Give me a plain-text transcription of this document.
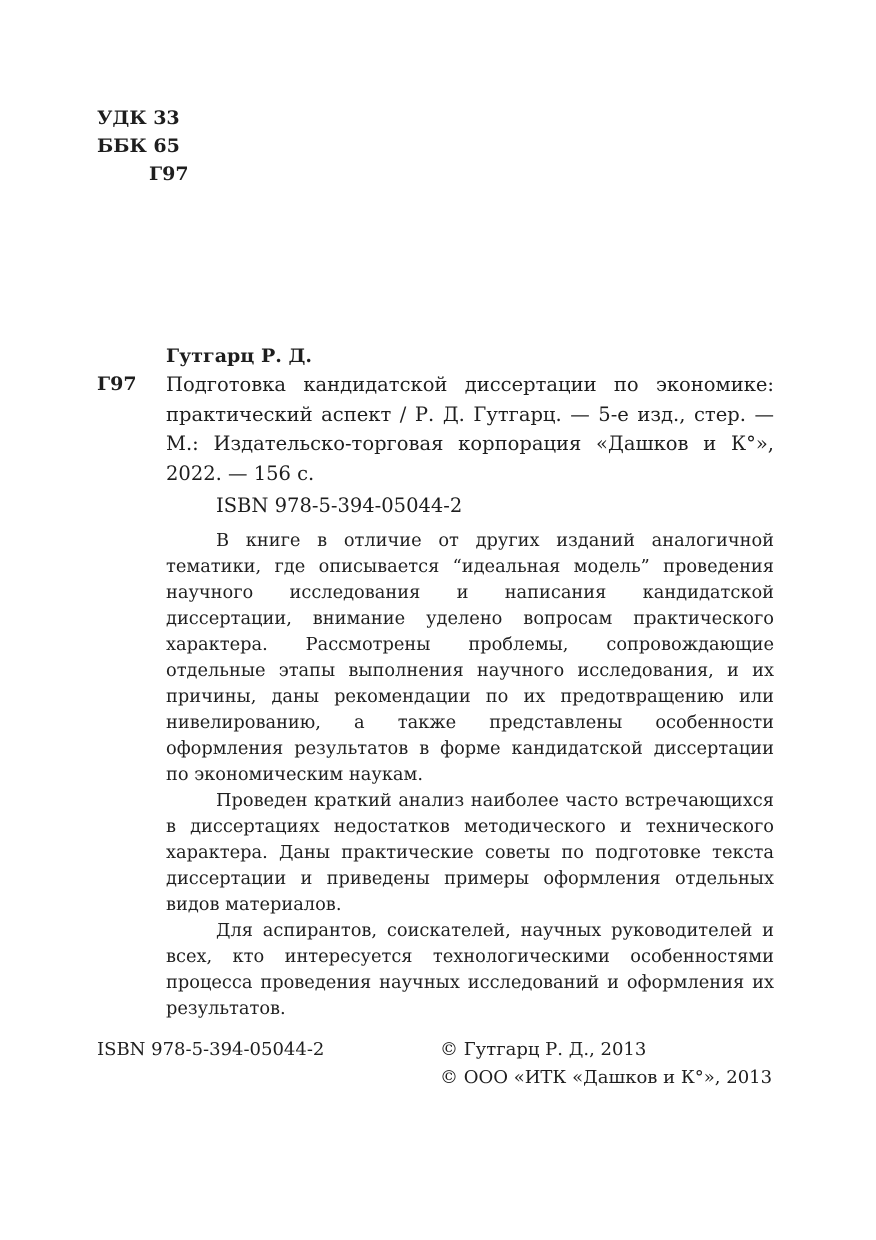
УДК 33
ББК 65
Г97
Гутгарц Р. Д.
Г97 Подготовка кандидатской диссертации по экономике: практический аспект / Р. Д. Гутгарц. — 5-е изд., стер. — М.: Издательско-торговая корпорация «Дашков и К°», 2022. — 156 с.

ISBN 978-5-394-05044-2

В книге в отличие от других изданий аналогичной тематики, где описывается “идеальная модель” проведения научного исследования и написания кандидатской диссертации, внимание уделено вопросам практического характера. Рассмотрены проблемы, сопровождающие отдельные этапы выполнения научного исследования, и их причины, даны рекомендации по их предотвращению или нивелированию, а также представлены особенности оформления результатов в форме кандидатской диссертации по экономическим наукам.

Проведен краткий анализ наиболее часто встречающихся в диссертациях недостатков методического и технического характера. Даны практические советы по подготовке текста диссертации и приведены примеры оформления отдельных видов материалов.

Для аспирантов, соискателей, научных руководителей и всех, кто интересуется технологическими особенностями процесса проведения научных исследований и оформления их результатов.

ISBN 978-5-394-05044-2	© Гутгарц Р. Д., 2013
© ООО «ИТК «Дашков и К°», 2013
